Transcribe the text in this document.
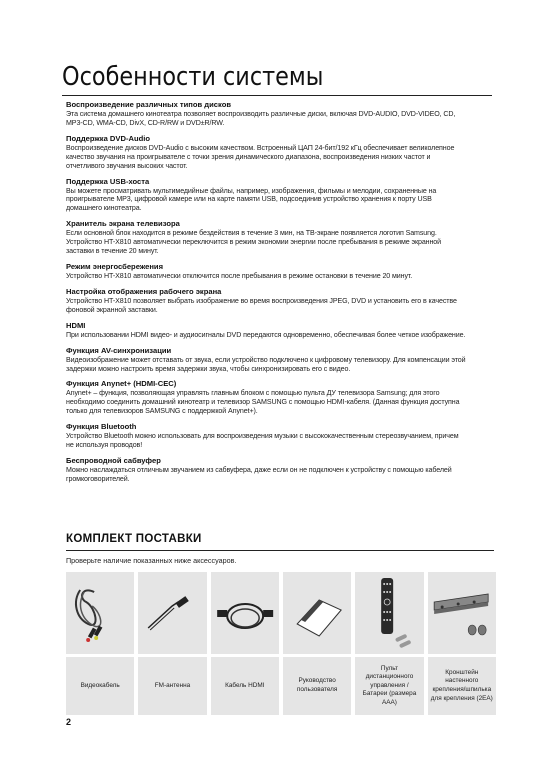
Особенности системы
Воспроизведение различных типов дисков

Эта система домашнего кинотеатра позволяет воспроизводить различные диски, включая DVD-AUDIO, DVD-VIDEO, CD, MP3-CD, WMA-CD, DivX, CD-R/RW и DVD±R/RW.

Поддержка DVD-Audio

Воспроизведение дисков DVD-Audio с высоким качеством. Встроенный ЦАП 24-бит/192 кГц обеспечивает великолепное качество звучания на проигрывателе с точки зрения динамического диапазона, воспроизведения низких частот и отчетливого звучания высоких частот.

Поддержка USB-хоста

Вы можете просматривать мультимедийные файлы, например, изображения, фильмы и мелодии, сохраненные на проигрывателе MP3, цифровой камере или на карте памяти USB, подсоединив устройство хранения к порту USB домашнего кинотеатра.

Хранитель экрана телевизора

Если основной блок находится в режиме бездействия в течение 3 мин, на ТВ-экране появляется логотип Samsung. Устройство HT-X810 автоматически переключится в режим экономии энергии после пребывания в режиме экранной заставки в течение 20 минут.

Режим энергосбережения

Устройство HT-X810 автоматически отключится после пребывания в режиме остановки в течение 20 минут.

Настройка отображения рабочего экрана

Устройство HT-X810 позволяет выбрать изображение во время воспроизведения JPEG, DVD и установить его в качестве фоновой экранной заставки.

HDMI

При использовании HDMI видео- и аудиосигналы DVD передаются одновременно, обеспечивая более четкое изображение.

Функция AV-синхронизации

Видеоизображение может отставать от звука, если устройство подключено к цифровому телевизору. Для компенсации этой задержки можно настроить время задержки звука, чтобы синхронизировать его с видео.

Функция Anynet+ (HDMI-CEC)

Anynet+ – функция, позволяющая управлять главным блоком с помощью пульта ДУ телевизора Samsung; для этого необходимо соединить домашний кинотеатр и телевизор SAMSUNG с помощью HDMI-кабеля. (Данная функция доступна только для телевизоров SAMSUNG с поддержкой Anynet+).

Функция Bluetooth

Устройство Bluetooth можно использовать для воспроизведения музыки с высококачественным стереозвучанием, причем не используя проводов!

Беспроводной сабвуфер

Можно наслаждаться отличным звучанием из сабвуфера, даже если он не подключен к устройству с помощью кабелей громкоговорителей.

КОМПЛЕКТ ПОСТАВКИ
Проверьте наличие показанных ниже аксессуаров.
Видеокабель	FM-антенна	Кабель HDMI
Руководство пользователя
Пульт дистанционного управления / Батареи (размера ААА)
Кронштейн настенного крепления/шпилька для крепления (2EA)
2
